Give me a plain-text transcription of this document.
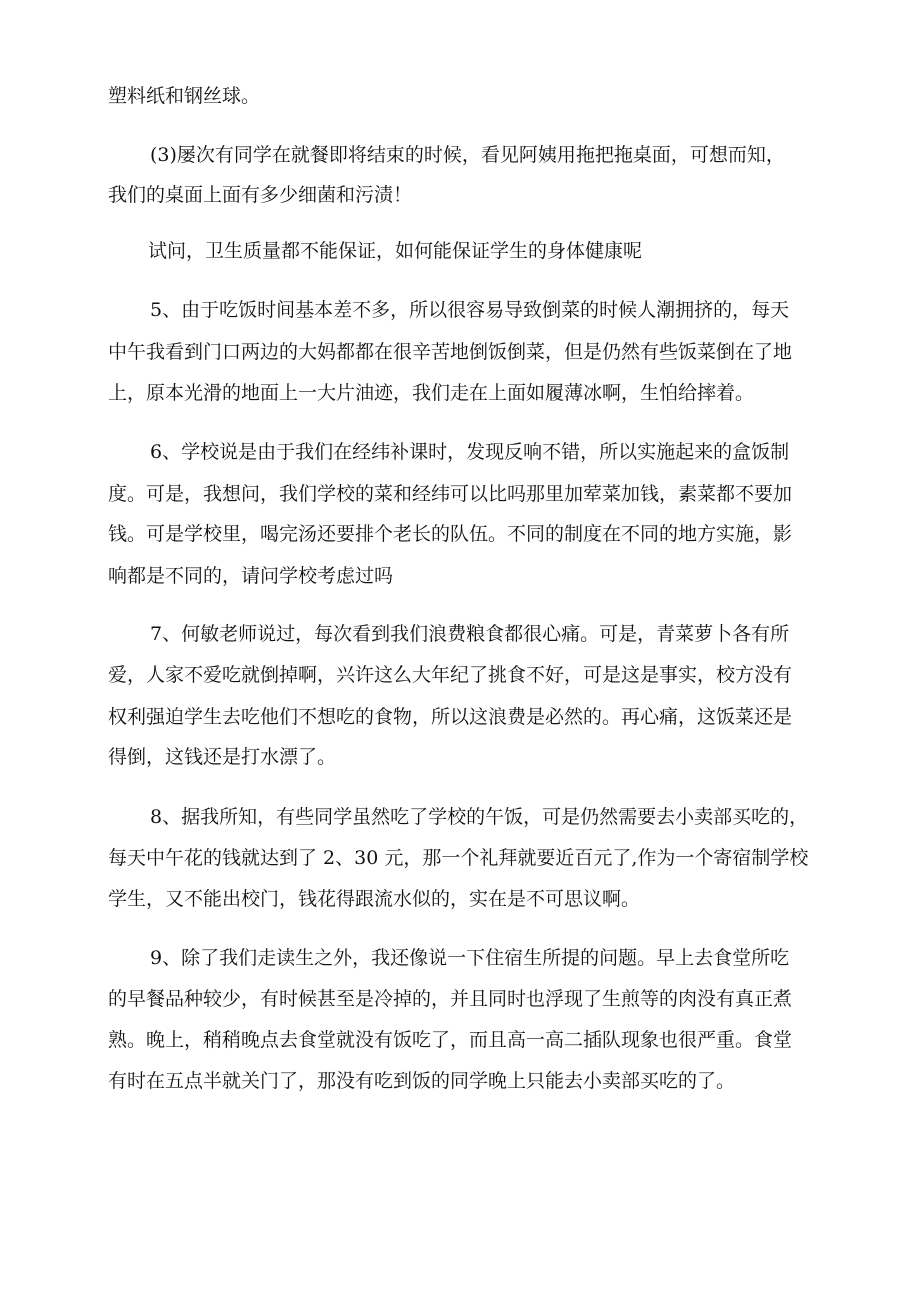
塑料纸和钢丝球。

(3)屡次有同学在就餐即将结束的时候，看见阿姨用拖把拖桌面，可想而知，

我们的桌面上面有多少细菌和污渍！

试问，卫生质量都不能保证，如何能保证学生的身体健康呢

5、由于吃饭时间基本差不多，所以很容易导致倒菜的时候人潮拥挤的，每天

中午我看到门口两边的大妈都都在很辛苦地倒饭倒菜，但是仍然有些饭菜倒在了地

上，原本光滑的地面上一大片油迹，我们走在上面如履薄冰啊，生怕给摔着。

6、学校说是由于我们在经纬补课时，发现反响不错，所以实施起来的盒饭制

度。可是，我想问，我们学校的菜和经纬可以比吗那里加荤菜加钱，素菜都不要加

钱。可是学校里，喝完汤还要排个老长的队伍。不同的制度在不同的地方实施，影

响都是不同的，请问学校考虑过吗

7、何敏老师说过，每次看到我们浪费粮食都很心痛。可是，青菜萝卜各有所

爱，人家不爱吃就倒掉啊，兴许这么大年纪了挑食不好，可是这是事实，校方没有

权利强迫学生去吃他们不想吃的食物，所以这浪费是必然的。再心痛，这饭菜还是

得倒，这钱还是打水漂了。

8、据我所知，有些同学虽然吃了学校的午饭，可是仍然需要去小卖部买吃的，

每天中午花的钱就达到了 2、30 元，那一个礼拜就要近百元了,作为一个寄宿制学校

学生，又不能出校门，钱花得跟流水似的，实在是不可思议啊。

9、除了我们走读生之外，我还像说一下住宿生所提的问题。早上去食堂所吃

的早餐品种较少，有时候甚至是冷掉的，并且同时也浮现了生煎等的肉没有真正煮

熟。晚上，稍稍晚点去食堂就没有饭吃了，而且高一高二插队现象也很严重。食堂

有时在五点半就关门了，那没有吃到饭的同学晚上只能去小卖部买吃的了。
